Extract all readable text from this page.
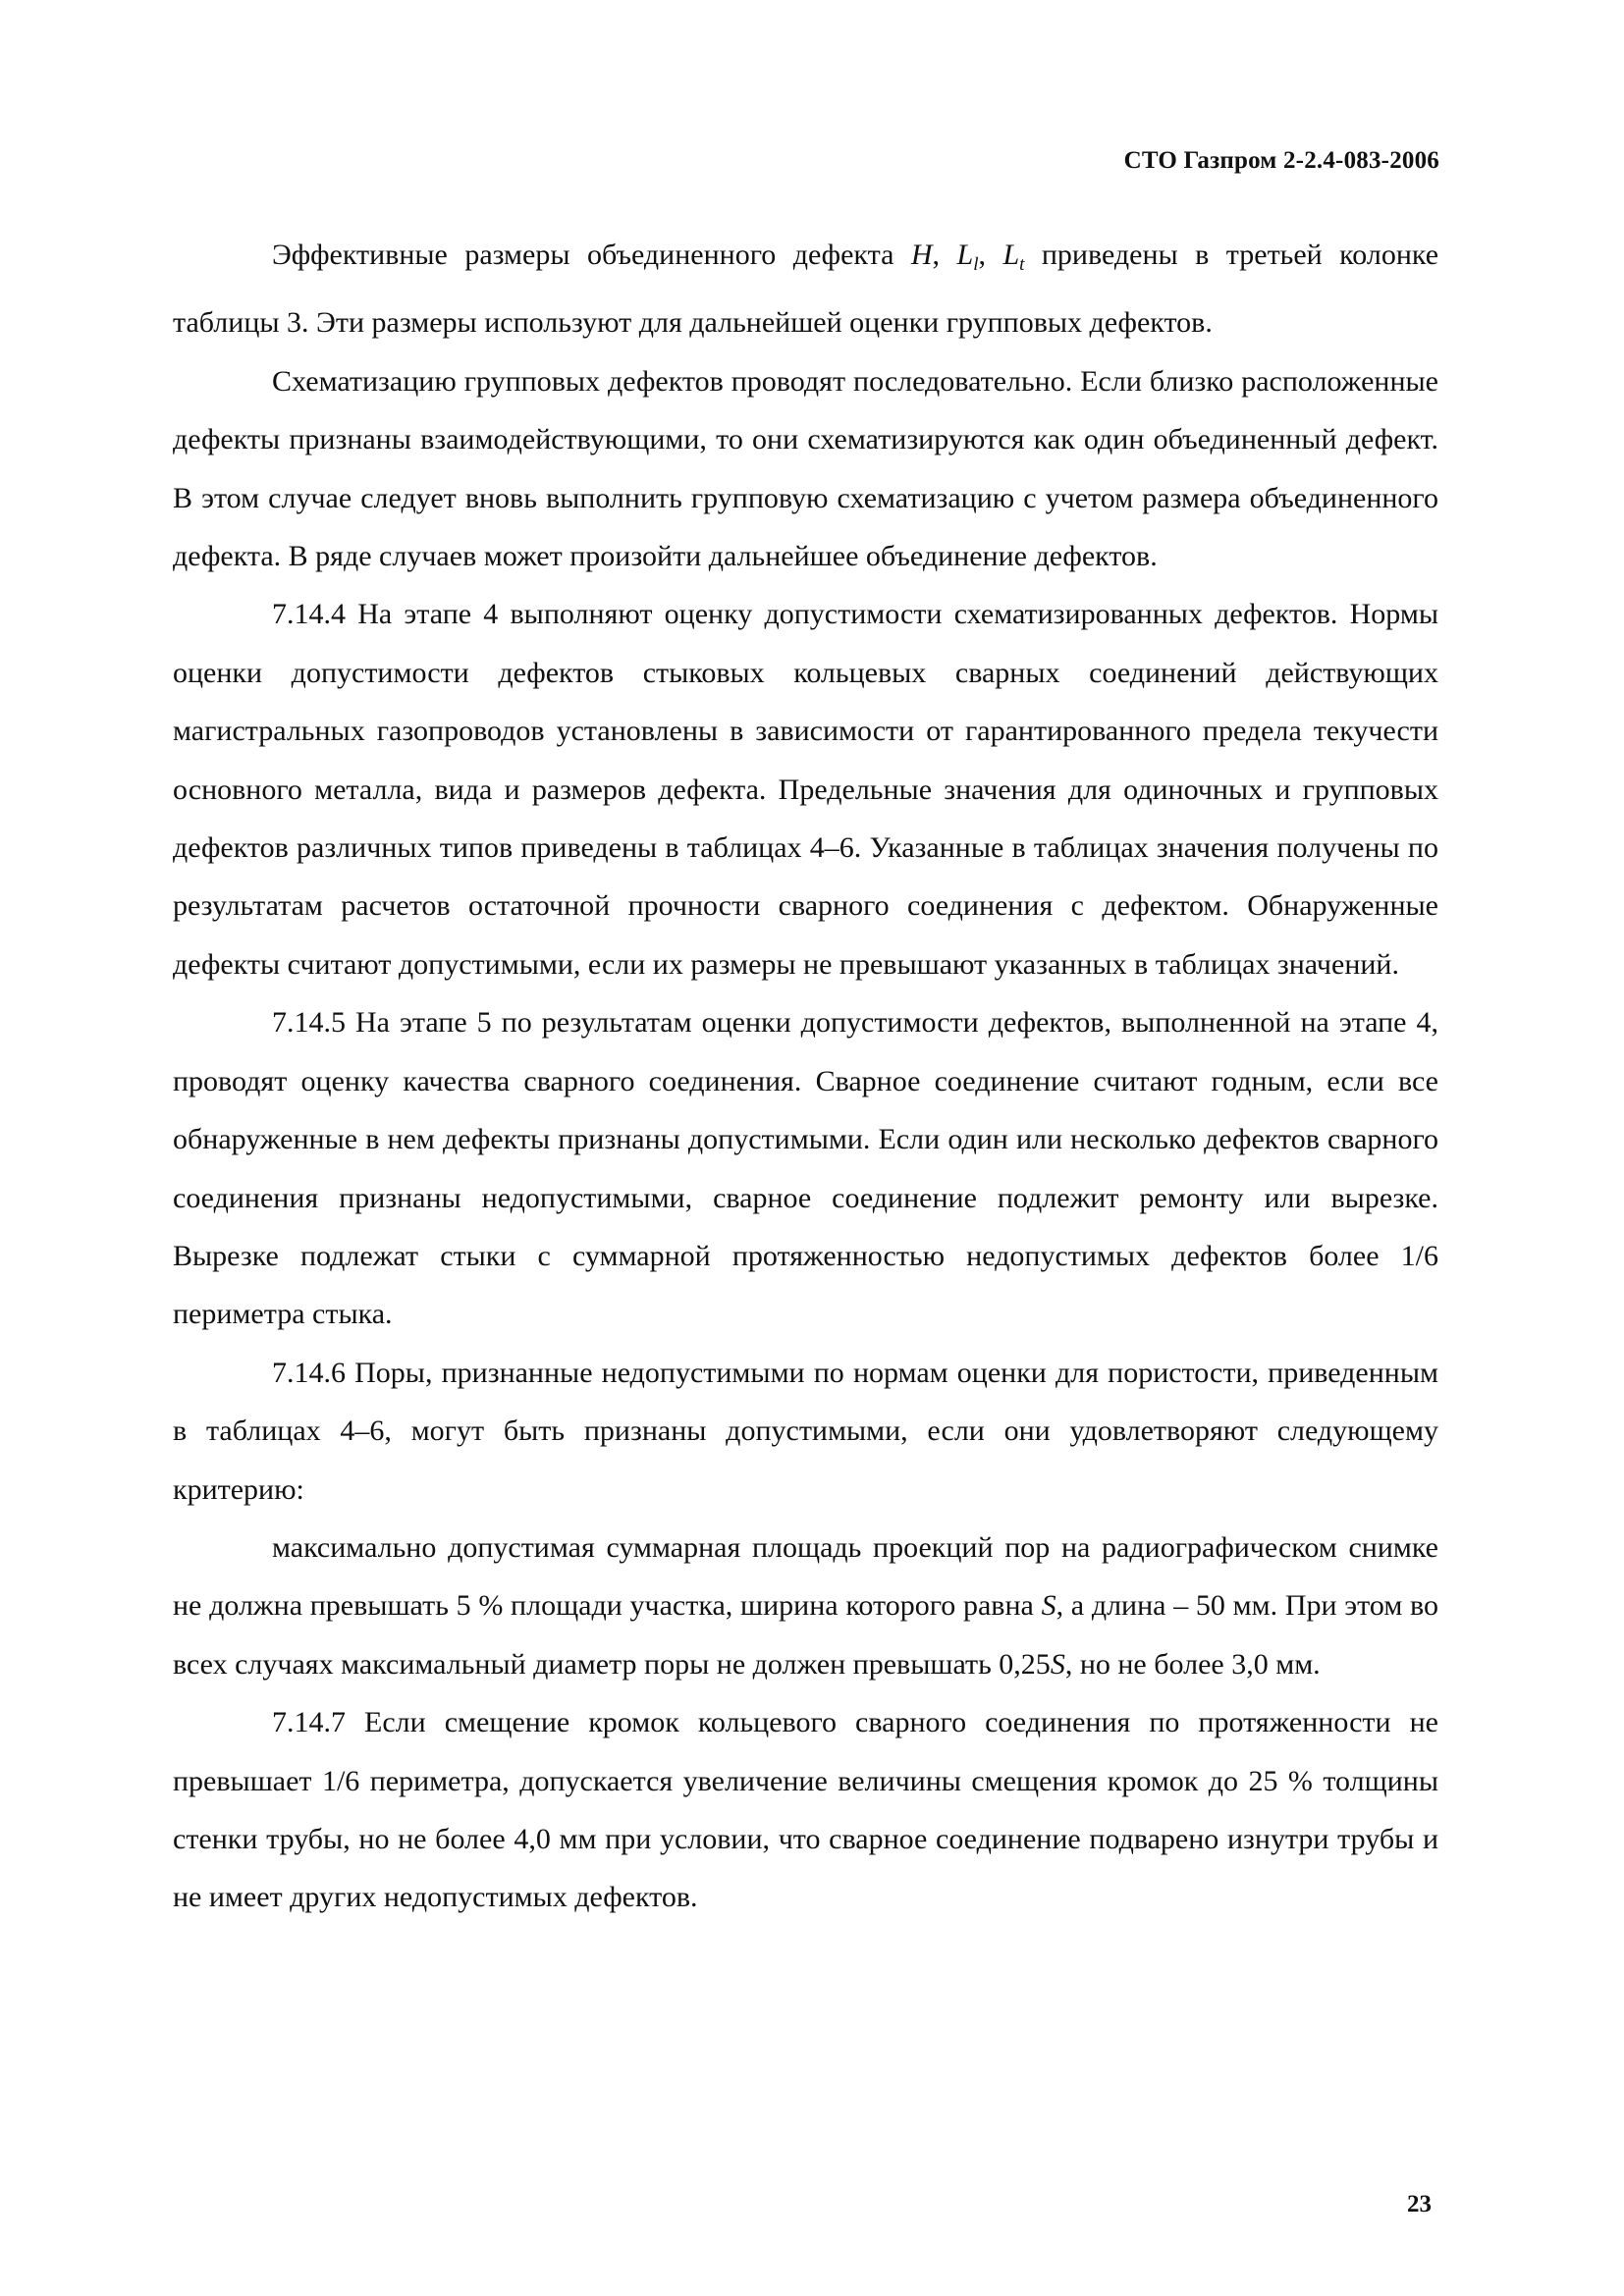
СТО Газпром 2-2.4-083-2006

Эффективные размеры объединенного дефекта H, $L_l$, $L_t$ приведены в третьей колонке таблицы 3. Эти размеры используют для дальнейшей оценки групповых дефектов.

Схематизацию групповых дефектов проводят последовательно. Если близко расположенные дефекты признаны взаимодействующими, то они схематизируются как один объединенный дефект. В этом случае следует вновь выполнить групповую схематизацию с учетом размера объединенного дефекта. В ряде случаев может произойти дальнейшее объединение дефектов.

7.14.4 На этапе 4 выполняют оценку допустимости схематизированных дефектов. Нормы оценки допустимости дефектов стыковых кольцевых сварных соединений действующих магистральных газопроводов установлены в зависимости от гарантированного предела текучести основного металла, вида и размеров дефекта. Предельные значения для одиночных и групповых дефектов различных типов приведены в таблицах 4–6. Указанные в таблицах значения получены по результатам расчетов остаточной прочности сварного соединения с дефектом. Обнаруженные дефекты считают допустимыми, если их размеры не превышают указанных в таблицах значений.

7.14.5 На этапе 5 по результатам оценки допустимости дефектов, выполненной на этапе 4, проводят оценку качества сварного соединения. Сварное соединение считают годным, если все обнаруженные в нем дефекты признаны допустимыми. Если один или несколько дефектов сварного соединения признаны недопустимыми, сварное соединение подлежит ремонту или вырезке. Вырезке подлежат стыки с суммарной протяженностью недопустимых дефектов более 1/6 периметра стыка.

7.14.6 Поры, признанные недопустимыми по нормам оценки для пористости, приведенным в таблицах 4–6, могут быть признаны допустимыми, если они удовлетворяют следующему критерию:

максимально допустимая суммарная площадь проекций пор на радиографическом снимке не должна превышать 5 % площади участка, ширина которого равна S, а длина – 50 мм. При этом во всех случаях максимальный диаметр поры не должен превышать 0,25S, но не более 3,0 мм.

7.14.7 Если смещение кромок кольцевого сварного соединения по протяженности не превышает 1/6 периметра, допускается увеличение величины смещения кромок до 25 % толщины стенки трубы, но не более 4,0 мм при условии, что сварное соединение подварено изнутри трубы и не имеет других недопустимых дефектов.

23
